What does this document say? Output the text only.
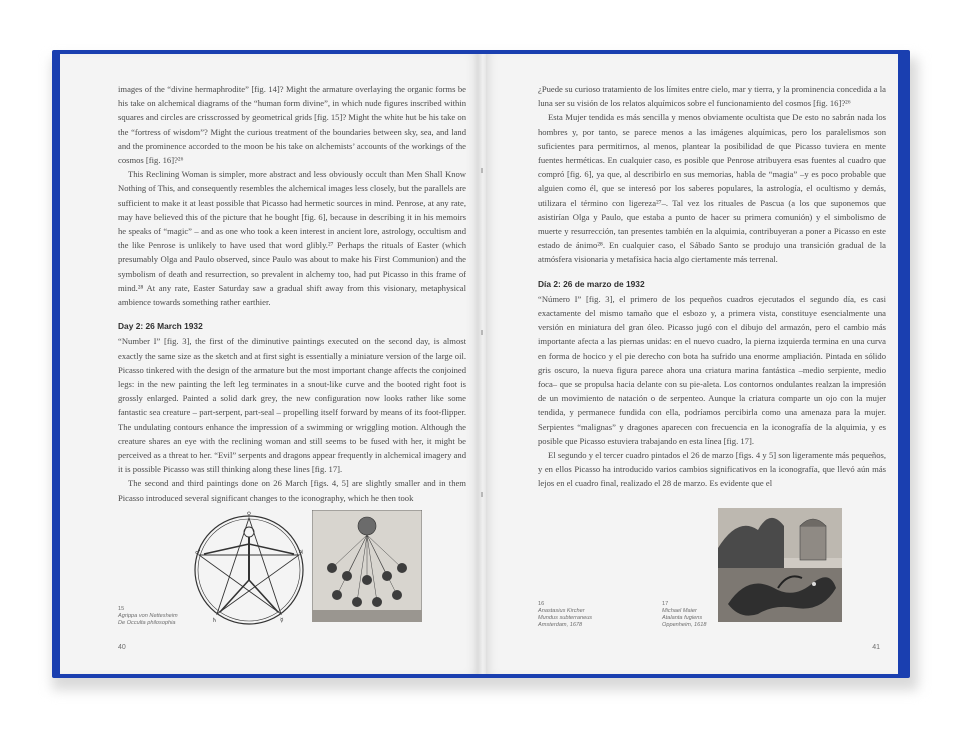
images of the “divine hermaphrodite” [fig. 14]? Might the armature overlaying the organic forms be his take on alchemical diagrams of the “human form divine”, in which nude figures inscribed within squares and circles are crisscrossed by geometrical grids [fig. 15]? Might the white hut be his take on the “fortress of wisdom”? Might the curious treatment of the boundaries between sky, sea, and land and the prominence accorded to the moon be his take on alchemists’ accounts of the workings of the cosmos [fig. 16]?²⁶

This Reclining Woman is simpler, more abstract and less obviously occult than Men Shall Know Nothing of This, and consequently resembles the alchemical images less closely, but the parallels are sufficient to make it at least possible that Picasso had hermetic sources in mind. Penrose, at any rate, may have believed this of the picture that he bought [fig. 6], because in describing it in his memoirs he speaks of “magic” – and as one who took a keen interest in ancient lore, astrology, occultism and the like Penrose is unlikely to have used that word glibly.²⁷ Perhaps the rituals of Easter (which presumably Olga and Paulo observed, since Paulo was about to make his First Communion) and the symbolism of death and resurrection, so prevalent in alchemy too, had put Picasso in this frame of mind.²⁸ At any rate, Easter Saturday saw a gradual shift away from this visionary, metaphysical ambience towards something rather earthier.

Day 2: 26 March 1932

“Number I” [fig. 3], the first of the diminutive paintings executed on the second day, is almost exactly the same size as the sketch and at first sight is essentially a miniature version of the large oil. Picasso tinkered with the design of the armature but the most important change affects the conjoined legs: in the new painting the left leg terminates in a snout-like curve and the booted right foot is grossly enlarged. Painted a solid dark grey, the new configuration now looks rather like some fantastic sea creature – part-serpent, part-seal – propelling itself forward by means of its foot-flipper. The undulating contours enhance the impression of a swimming or wriggling motion. Although the creature shares an eye with the reclining woman and still seems to be fused with her, it might be perceived as a threat to her. “Evil” serpents and dragons appear frequently in alchemical imagery and it is possible Picasso was still thinking along these lines [fig. 17].

The second and third paintings done on 26 March [figs. 4, 5] are slightly smaller and in them Picasso introduced several significant changes to the iconography, which he then took

♀
♂	♃
♄	☿
15
Agrippa von Nettesheim
De Occulta philosophia
40

¿Puede su curioso tratamiento de los límites entre cielo, mar y tierra, y la prominencia concedida a la luna ser su visión de los relatos alquímicos sobre el funcionamiento del cosmos [fig. 16]?²⁶

Esta Mujer tendida es más sencilla y menos obviamente ocultista que De esto no sabrán nada los hombres y, por tanto, se parece menos a las imágenes alquímicas, pero los paralelismos son suficientes para permitirnos, al menos, plantear la posibilidad de que Picasso tuviera en mente fuentes herméticas. En cualquier caso, es posible que Penrose atribuyera esas fuentes al cuadro que compró [fig. 6], ya que, al describirlo en sus memorias, habla de “magia” –y es poco probable que alguien como él, que se interesó por los saberes populares, la astrología, el ocultismo y demás, utilizara el término con ligereza²⁷–. Tal vez los rituales de Pascua (a los que suponemos que asistirían Olga y Paulo, que estaba a punto de hacer su primera comunión) y el simbolismo de muerte y resurrección, tan presentes también en la alquimia, contribuyeran a poner a Picasso en este estado de ánimo²⁸. En cualquier caso, el Sábado Santo se produjo una transición gradual de la atmósfera visionaria y metafísica hacia algo ciertamente más terrenal.

Día 2: 26 de marzo de 1932

“Número I” [fig. 3], el primero de los pequeños cuadros ejecutados el segundo día, es casi exactamente del mismo tamaño que el esbozo y, a primera vista, constituye esencialmente una versión en miniatura del gran óleo. Picasso jugó con el dibujo del armazón, pero el cambio más importante afecta a las piernas unidas: en el nuevo cuadro, la pierna izquierda termina en una curva en forma de hocico y el pie derecho con bota ha sufrido una enorme ampliación. Pintada en sólido gris oscuro, la nueva figura parece ahora una criatura marina fantástica –medio serpiente, medio foca– que se propulsa hacia delante con su pie-aleta. Los contornos ondulantes realzan la impresión de un movimiento de natación o de serpenteo. Aunque la criatura comparte un ojo con la mujer tendida, y permanece fundida con ella, podríamos percibirla como una amenaza para la mujer. Serpientes “malignas” y dragones aparecen con frecuencia en la iconografía de la alquimia, y es posible que Picasso estuviera trabajando en esta línea [fig. 17].

El segundo y el tercer cuadro pintados el 26 de marzo [figs. 4 y 5] son ligeramente más pequeños, y en ellos Picasso ha introducido varios cambios significativos en la iconografía, que llevó aún más lejos en el cuadro final, realizado el 28 de marzo. Es evidente que el

16
Anastasius Kircher
Mundus subterraneus
Amsterdam, 1678
17
Michael Maier
Atalanta fugiens
Oppenheim, 1618
41
